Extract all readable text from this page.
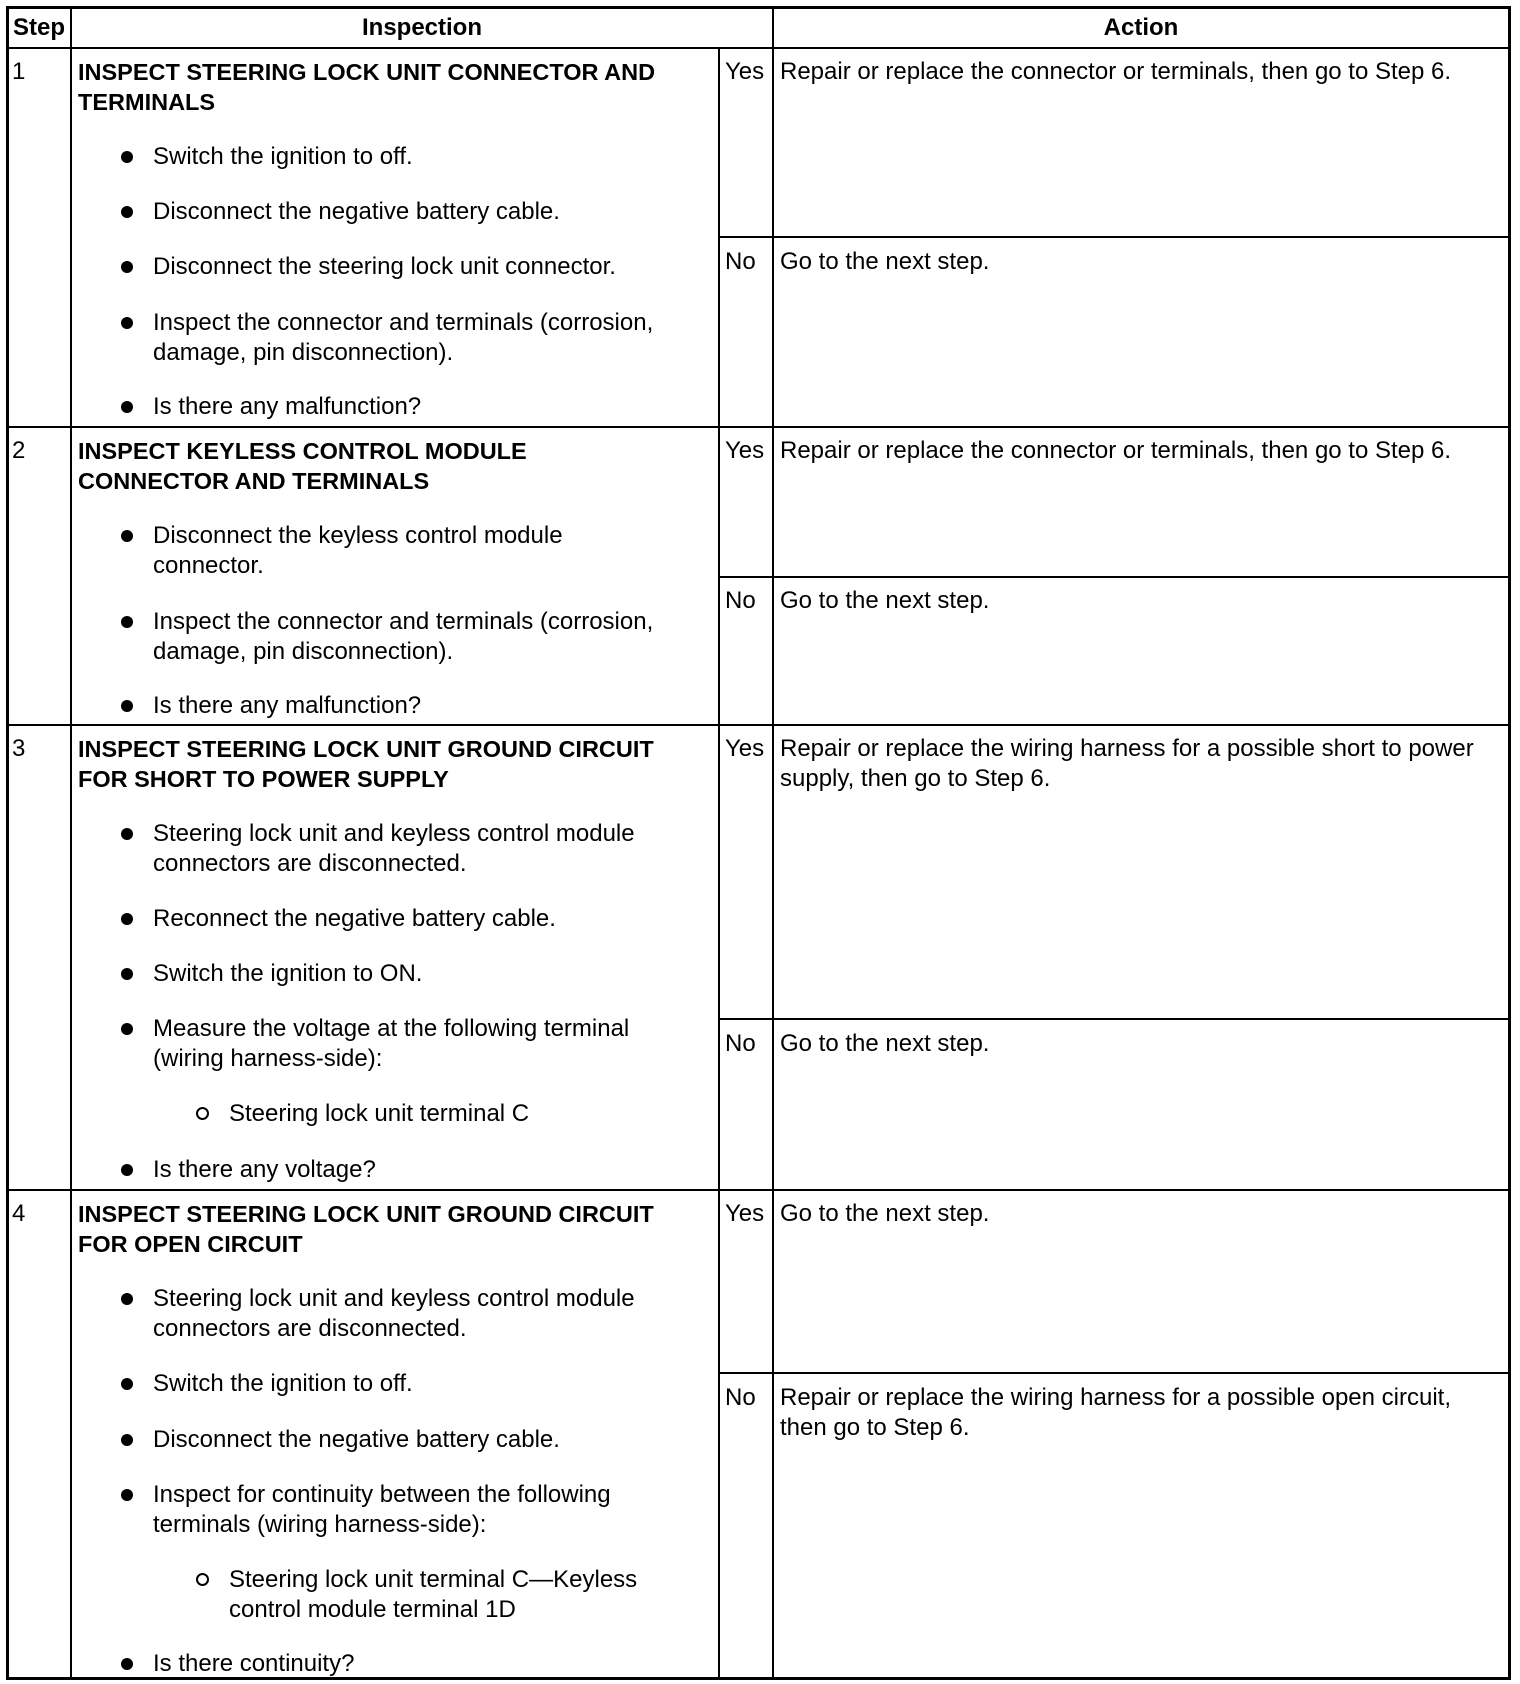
Step	Inspection	Action
1 INSPECT STEERING LOCK UNIT CONNECTOR AND
TERMINALS
Switch the ignition to off.
Disconnect the negative battery cable.
Disconnect the steering lock unit connector.
Inspect the connector and terminals (corrosion,
damage, pin disconnection).
Is there any malfunction?
Yes Repair or replace the connector or terminals, then go to Step 6.
No Go to the next step.
2 INSPECT KEYLESS CONTROL MODULE
CONNECTOR AND TERMINALS
Disconnect the keyless control module
connector.
Inspect the connector and terminals (corrosion,
damage, pin disconnection).
Is there any malfunction?
Yes Repair or replace the connector or terminals, then go to Step 6.
No Go to the next step.
3 INSPECT STEERING LOCK UNIT GROUND CIRCUIT
FOR SHORT TO POWER SUPPLY
Steering lock unit and keyless control module
connectors are disconnected.
Reconnect the negative battery cable.
Switch the ignition to ON.
Measure the voltage at the following terminal
(wiring harness-side):
Steering lock unit terminal C
Is there any voltage?
Yes Repair or replace the wiring harness for a possible short to power
supply, then go to Step 6.
No Go to the next step.
4 INSPECT STEERING LOCK UNIT GROUND CIRCUIT
FOR OPEN CIRCUIT
Steering lock unit and keyless control module
connectors are disconnected.
Switch the ignition to off.
Disconnect the negative battery cable.
Inspect for continuity between the following
terminals (wiring harness-side):
Steering lock unit terminal C—Keyless
control module terminal 1D
Is there continuity?
Yes Go to the next step.
No Repair or replace the wiring harness for a possible open circuit,
then go to Step 6.
